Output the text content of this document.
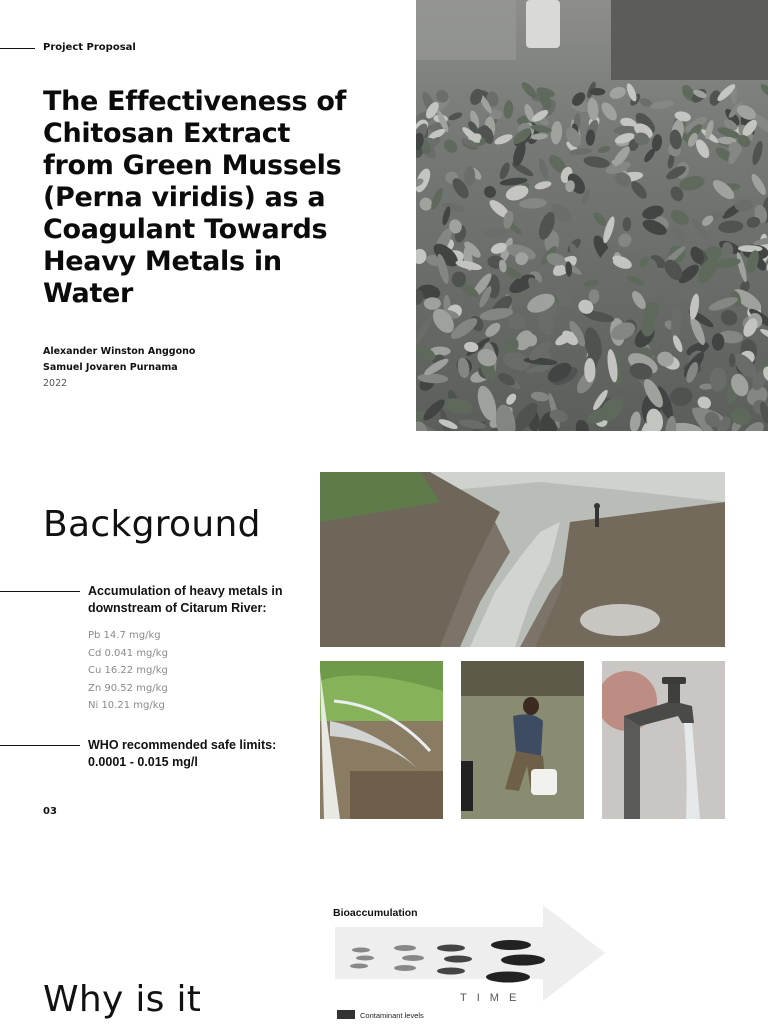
Project Proposal
The Effectiveness of
Chitosan Extract
from Green Mussels
(Perna viridis) as a
Coagulant Towards
Heavy Metals in
Water
Alexander Winston Anggono
Samuel Jovaren Purnama
2022
Background
Accumulation of heavy metals in
downstream of Citarum River:
Pb 14.7 mg/kg
Cd 0.041 mg/kg
Cu 16.22 mg/kg
Zn 90.52 mg/kg
Ni 10.21 mg/kg
WHO recommended safe limits:
0.0001 - 0.015 mg/l
03
Why is it
Bioaccumulation
TIME
Contaminant levels
